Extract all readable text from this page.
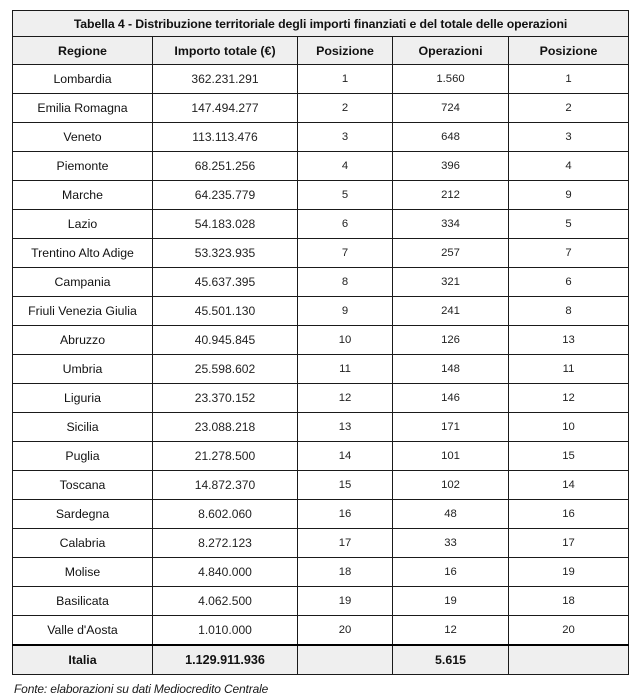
Tabella 4 - Distribuzione territoriale degli importi finanziati e del totale delle operazioni				
Regione	Importo totale (€)	Posizione	Operazioni	Posizione
Lombardia	362.231.291	1	1.560	1
Emilia Romagna	147.494.277	2	724	2
Veneto	113.113.476	3	648	3
Piemonte	68.251.256	4	396	4
Marche	64.235.779	5	212	9
Lazio	54.183.028	6	334	5
Trentino Alto Adige	53.323.935	7	257	7
Campania	45.637.395	8	321	6
Friuli Venezia Giulia	45.501.130	9	241	8
Abruzzo	40.945.845	10	126	13
Umbria	25.598.602	11	148	11
Liguria	23.370.152	12	146	12
Sicilia	23.088.218	13	171	10
Puglia	21.278.500	14	101	15
Toscana	14.872.370	15	102	14
Sardegna	8.602.060	16	48	16
Calabria	8.272.123	17	33	17
Molise	4.840.000	18	16	19
Basilicata	4.062.500	19	19	18
Valle d'Aosta	1.010.000	20	12	20
Italia	1.129.911.936		5.615	
Fonte: elaborazioni su dati Mediocredito Centrale
